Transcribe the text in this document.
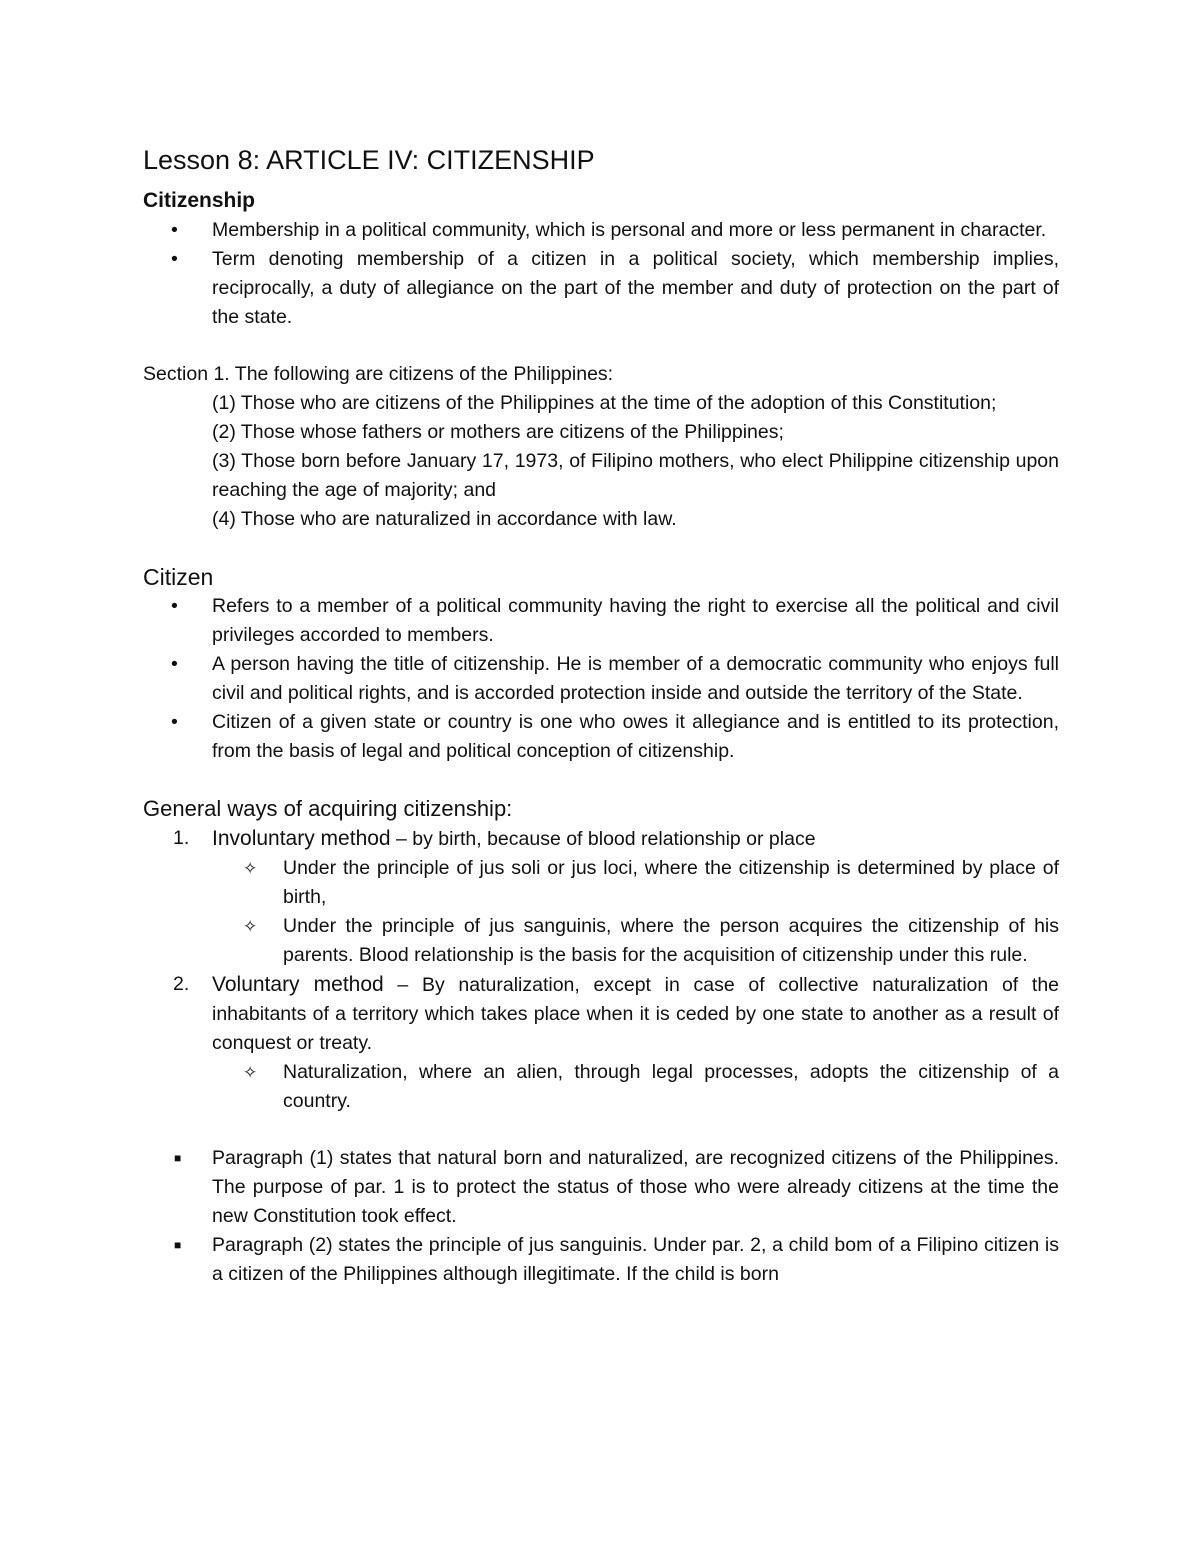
Lesson 8: ARTICLE IV: CITIZENSHIP
Citizenship
• Membership in a political community, which is personal and more or less permanent in character.
• Term denoting membership of a citizen in a political society, which membership implies, reciprocally, a duty of allegiance on the part of the member and duty of protection on the part of the state.
Section 1. The following are citizens of the Philippines:
(1) Those who are citizens of the Philippines at the time of the adoption of this Constitution;
(2) Those whose fathers or mothers are citizens of the Philippines;
(3) Those born before January 17, 1973, of Filipino mothers, who elect Philippine citizenship upon reaching the age of majority; and
(4) Those who are naturalized in accordance with law.
Citizen
• Refers to a member of a political community having the right to exercise all the political and civil privileges accorded to members.
• A person having the title of citizenship. He is member of a democratic community who enjoys full civil and political rights, and is accorded protection inside and outside the territory of the State.
• Citizen of a given state or country is one who owes it allegiance and is entitled to its protection, from the basis of legal and political conception of citizenship.
General ways of acquiring citizenship:
1. Involuntary method – by birth, because of blood relationship or place
✧ Under the principle of jus soli or jus loci, where the citizenship is determined by place of birth,
✧ Under the principle of jus sanguinis, where the person acquires the citizenship of his parents. Blood relationship is the basis for the acquisition of citizenship under this rule.
2. Voluntary method – By naturalization, except in case of collective naturalization of the inhabitants of a territory which takes place when it is ceded by one state to another as a result of conquest or treaty.
✧ Naturalization, where an alien, through legal processes, adopts the citizenship of a country.
■ Paragraph (1) states that natural born and naturalized, are recognized citizens of the Philippines. The purpose of par. 1 is to protect the status of those who were already citizens at the time the new Constitution took effect.
■ Paragraph (2) states the principle of jus sanguinis. Under par. 2, a child bom of a Filipino citizen is a citizen of the Philippines although illegitimate. If the child is born
